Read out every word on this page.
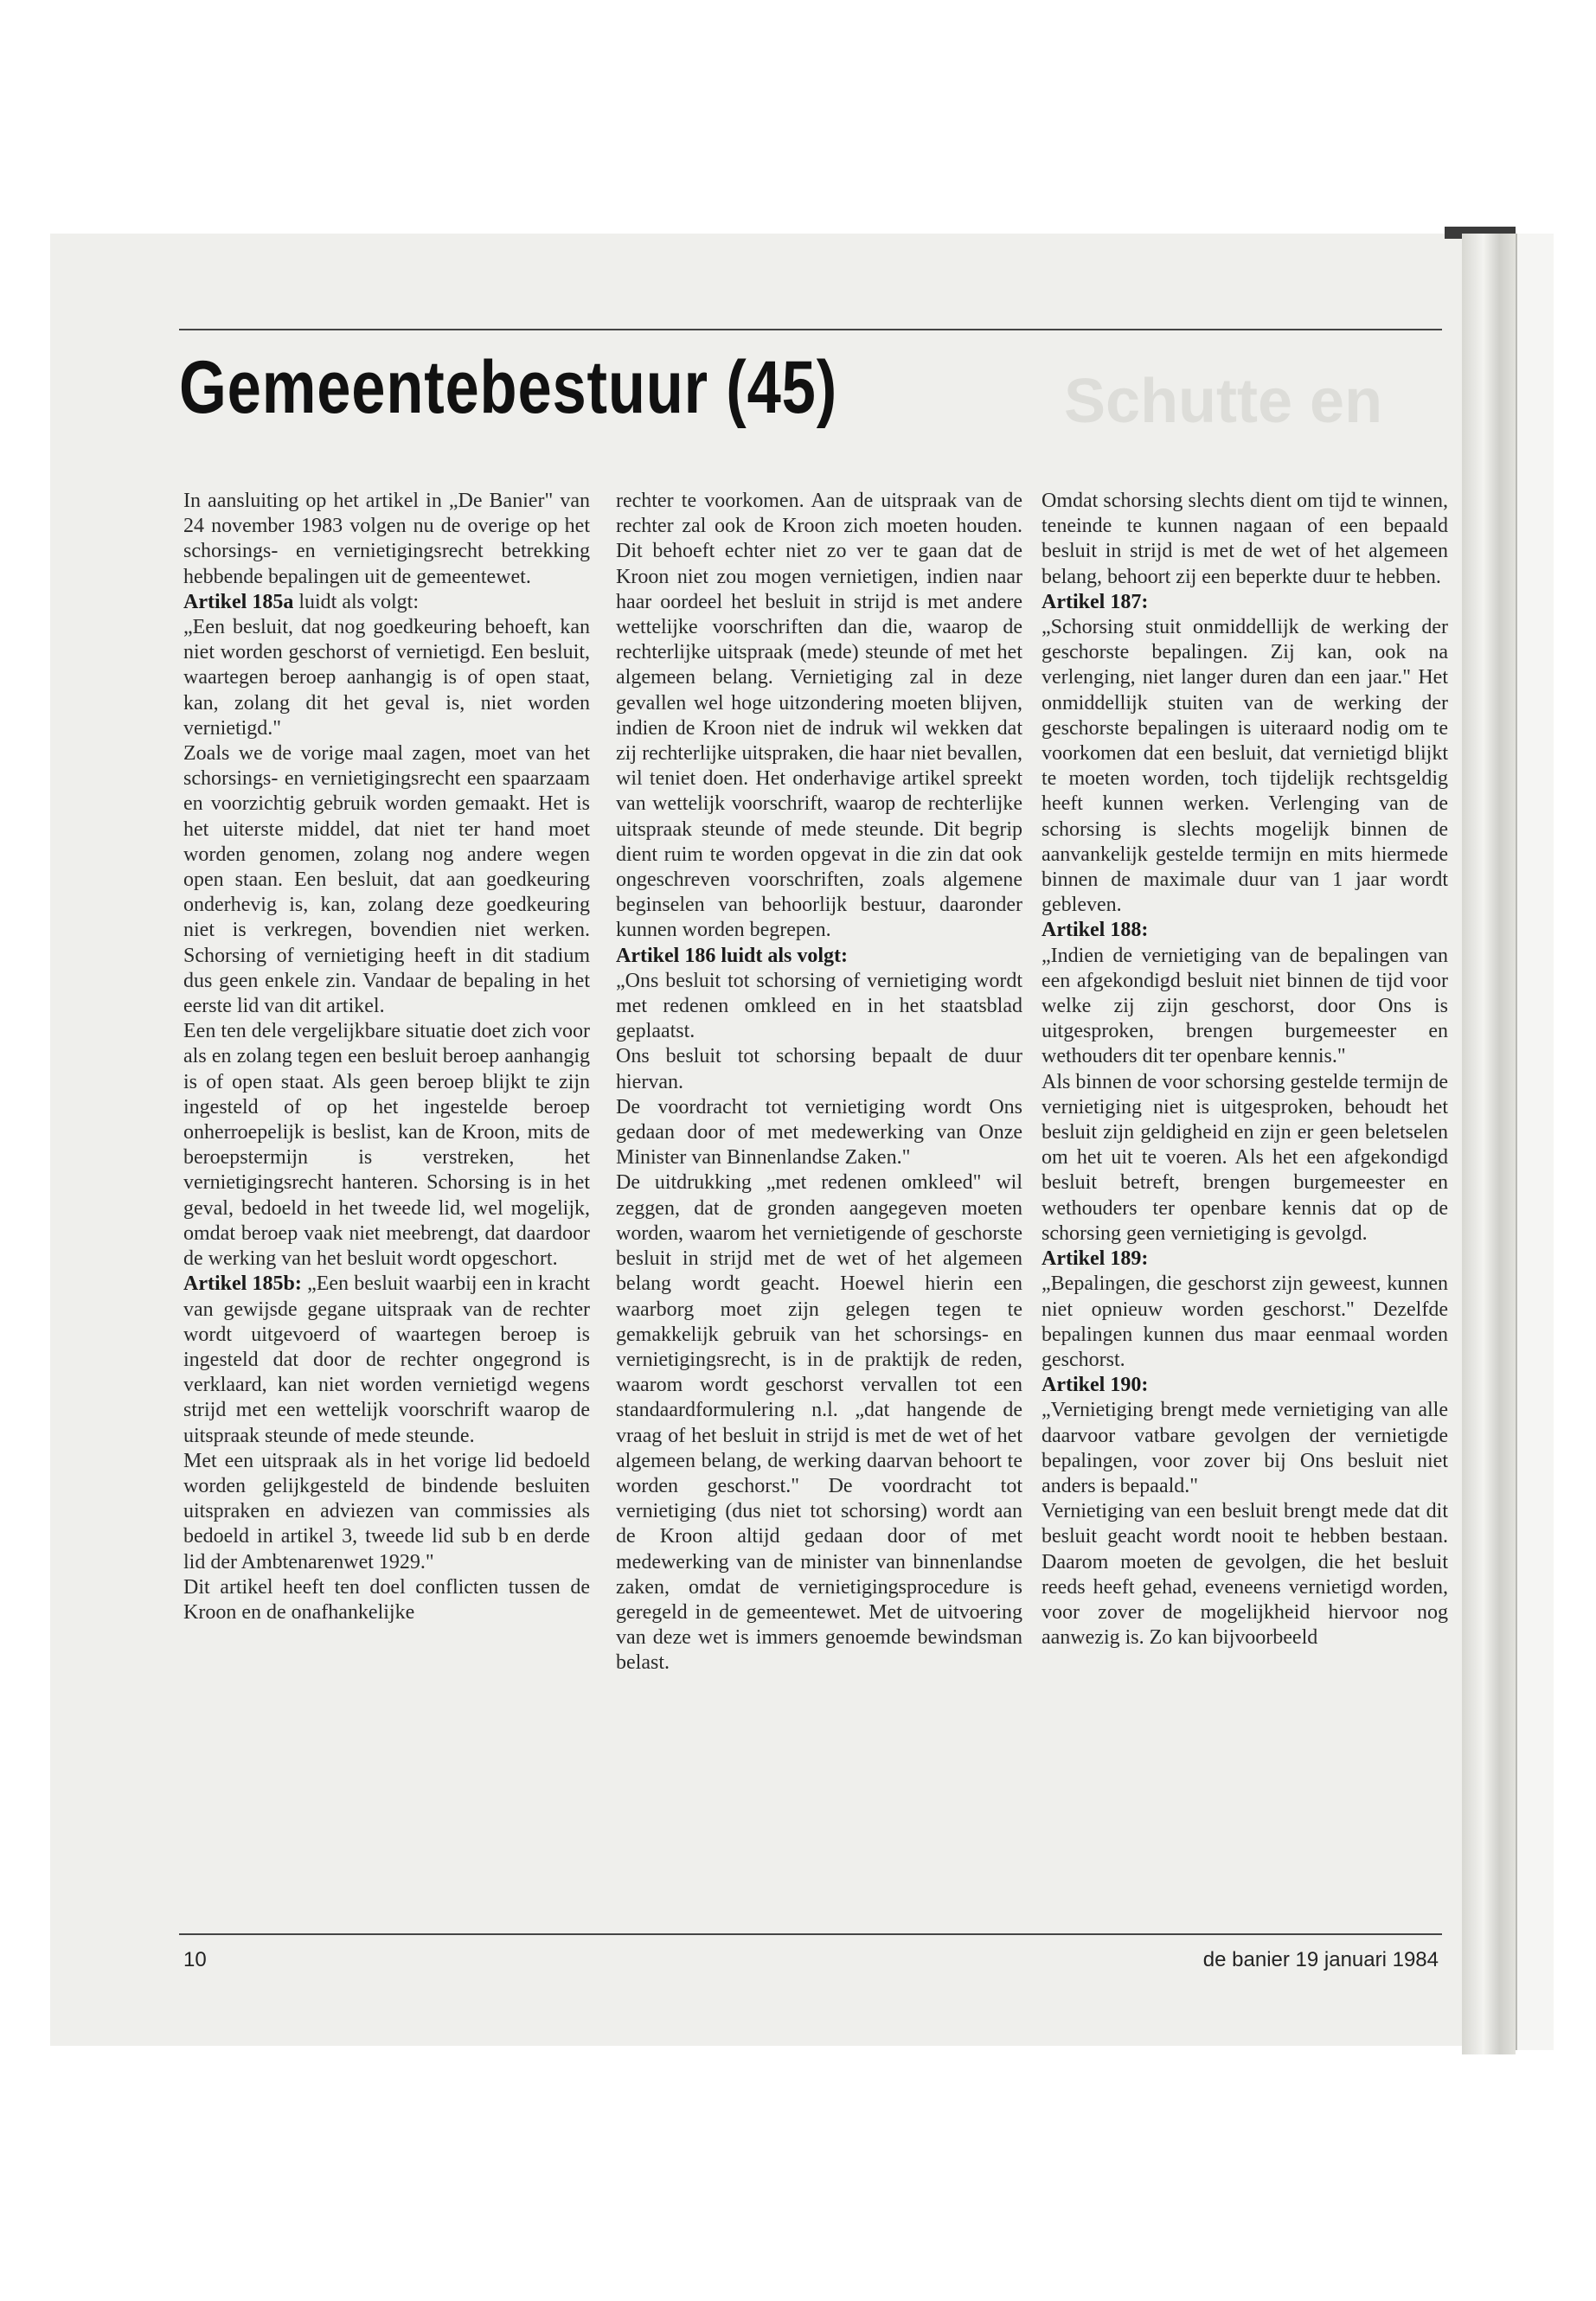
Gemeentebestuur (45)	Schutte en

In aansluiting op het artikel in „De Banier" van 24 november 1983 volgen nu de overige op het schorsings- en vernietigingsrecht betrekking hebbende bepalingen uit de gemeentewet.

Artikel 185a luidt als volgt:

„Een besluit, dat nog goedkeuring behoeft, kan niet worden geschorst of vernietigd. Een besluit, waartegen beroep aanhangig is of open staat, kan, zolang dit het geval is, niet worden vernietigd."

Zoals we de vorige maal zagen, moet van het schorsings- en vernietigingsrecht een spaarzaam en voorzichtig gebruik worden gemaakt. Het is het uiterste middel, dat niet ter hand moet worden genomen, zolang nog andere wegen open staan. Een besluit, dat aan goedkeuring onderhevig is, kan, zolang deze goedkeuring niet is verkregen, bovendien niet werken. Schorsing of vernietiging heeft in dit stadium dus geen enkele zin. Vandaar de bepaling in het eerste lid van dit artikel.

Een ten dele vergelijkbare situatie doet zich voor als en zolang tegen een besluit beroep aanhangig is of open staat. Als geen beroep blijkt te zijn ingesteld of op het ingestelde beroep onherroepelijk is beslist, kan de Kroon, mits de beroepstermijn is verstreken, het vernietigingsrecht hanteren. Schorsing is in het geval, bedoeld in het tweede lid, wel mogelijk, omdat beroep vaak niet meebrengt, dat daardoor de werking van het besluit wordt opgeschort.

Artikel 185b: „Een besluit waarbij een in kracht van gewijsde gegane uitspraak van de rechter wordt uitgevoerd of waartegen beroep is ingesteld dat door de rechter ongegrond is verklaard, kan niet worden vernietigd wegens strijd met een wettelijk voorschrift waarop de uitspraak steunde of mede steunde.

Met een uitspraak als in het vorige lid bedoeld worden gelijkgesteld de bindende besluiten uitspraken en adviezen van commissies als bedoeld in artikel 3, tweede lid sub b en derde lid der Ambtenarenwet 1929."

Dit artikel heeft ten doel conflicten tussen de Kroon en de onafhankelijke

rechter te voorkomen. Aan de uitspraak van de rechter zal ook de Kroon zich moeten houden. Dit behoeft echter niet zo ver te gaan dat de Kroon niet zou mogen vernietigen, indien naar haar oordeel het besluit in strijd is met andere wettelijke voorschriften dan die, waarop de rechterlijke uitspraak (mede) steunde of met het algemeen belang. Vernietiging zal in deze gevallen wel hoge uitzondering moeten blijven, indien de Kroon niet de indruk wil wekken dat zij rechterlijke uitspraken, die haar niet bevallen, wil teniet doen. Het onderhavige artikel spreekt van wettelijk voorschrift, waarop de rechterlijke uitspraak steunde of mede steunde. Dit begrip dient ruim te worden opgevat in die zin dat ook ongeschreven voorschriften, zoals algemene beginselen van behoorlijk bestuur, daaronder kunnen worden begrepen.

Artikel 186 luidt als volgt:

„Ons besluit tot schorsing of vernietiging wordt met redenen omkleed en in het staatsblad geplaatst.

Ons besluit tot schorsing bepaalt de duur hiervan.

De voordracht tot vernietiging wordt Ons gedaan door of met medewerking van Onze Minister van Binnenlandse Zaken."

De uitdrukking „met redenen omkleed" wil zeggen, dat de gronden aangegeven moeten worden, waarom het vernietigende of geschorste besluit in strijd met de wet of het algemeen belang wordt geacht. Hoewel hierin een waarborg moet zijn gelegen tegen te gemakkelijk gebruik van het schorsings- en vernietigingsrecht, is in de praktijk de reden, waarom wordt geschorst vervallen tot een standaardformulering n.l. „dat hangende de vraag of het besluit in strijd is met de wet of het algemeen belang, de werking daarvan behoort te worden geschorst." De voordracht tot vernietiging (dus niet tot schorsing) wordt aan de Kroon altijd gedaan door of met medewerking van de minister van binnenlandse zaken, omdat de vernietigingsprocedure is geregeld in de gemeentewet. Met de uitvoering van deze wet is immers genoemde bewindsman belast.

Omdat schorsing slechts dient om tijd te winnen, teneinde te kunnen nagaan of een bepaald besluit in strijd is met de wet of het algemeen belang, behoort zij een beperkte duur te hebben.

Artikel 187:

„Schorsing stuit onmiddellijk de werking der geschorste bepalingen. Zij kan, ook na verlenging, niet langer duren dan een jaar." Het onmiddellijk stuiten van de werking der geschorste bepalingen is uiteraard nodig om te voorkomen dat een besluit, dat vernietigd blijkt te moeten worden, toch tijdelijk rechtsgeldig heeft kunnen werken. Verlenging van de schorsing is slechts mogelijk binnen de aanvankelijk gestelde termijn en mits hiermede binnen de maximale duur van 1 jaar wordt gebleven.

Artikel 188:

„Indien de vernietiging van de bepalingen van een afgekondigd besluit niet binnen de tijd voor welke zij zijn geschorst, door Ons is uitgesproken, brengen burgemeester en wethouders dit ter openbare kennis."

Als binnen de voor schorsing gestelde termijn de vernietiging niet is uitgesproken, behoudt het besluit zijn geldigheid en zijn er geen beletselen om het uit te voeren. Als het een afgekondigd besluit betreft, brengen burgemeester en wethouders ter openbare kennis dat op de schorsing geen vernietiging is gevolgd.

Artikel 189:

„Bepalingen, die geschorst zijn geweest, kunnen niet opnieuw worden geschorst." Dezelfde bepalingen kunnen dus maar eenmaal worden geschorst.

Artikel 190:

„Vernietiging brengt mede vernietiging van alle daarvoor vatbare gevolgen der vernietigde bepalingen, voor zover bij Ons besluit niet anders is bepaald."

Vernietiging van een besluit brengt mede dat dit besluit geacht wordt nooit te hebben bestaan. Daarom moeten de gevolgen, die het besluit reeds heeft gehad, eveneens vernietigd worden, voor zover de mogelijkheid hiervoor nog aanwezig is. Zo kan bijvoorbeeld

10	de banier 19 januari 1984
